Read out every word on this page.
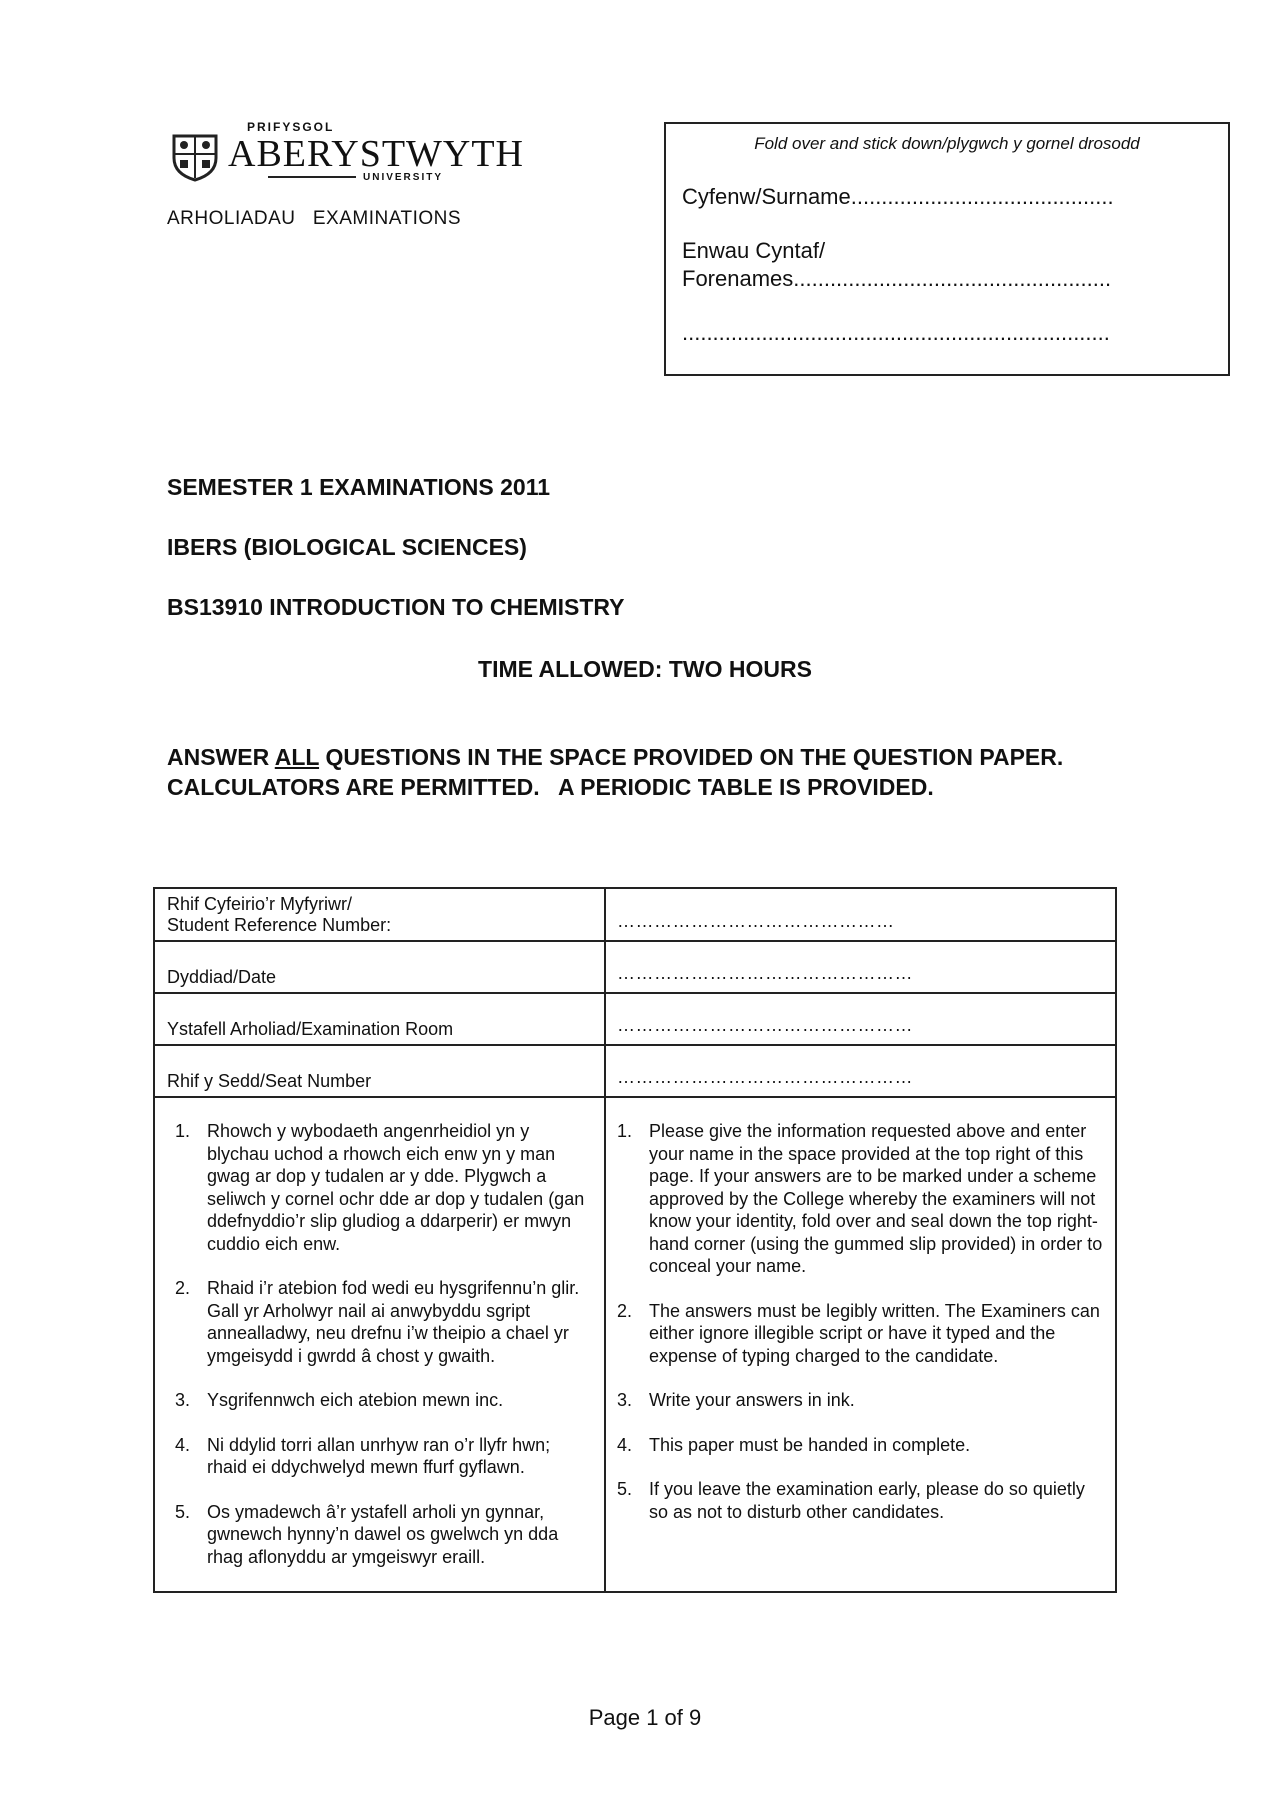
PRIFYSGOL
ABERYSTWYTH
UNIVERSITY
ARHOLIADAU   EXAMINATIONS
Fold over and stick down/plygwch y gornel drosodd
Cyfenw/Surname...........................................
Enwau Cyntaf/
Forenames....................................................
......................................................................
SEMESTER 1 EXAMINATIONS 2011
IBERS (BIOLOGICAL SCIENCES)
BS13910 INTRODUCTION TO CHEMISTRY
TIME ALLOWED: TWO HOURS
ANSWER ALL QUESTIONS IN THE SPACE PROVIDED ON THE QUESTION PAPER.  CALCULATORS ARE PERMITTED.   A PERIODIC TABLE IS PROVIDED.
Rhif Cyfeirio’r Myfyriwr/
Student Reference Number:	………………………………………
Dyddiad/Date	…………………………………………
Ystafell Arholiad/Examination Room	…………………………………………
Rhif y Sedd/Seat Number	…………………………………………
1. Rhowch y wybodaeth angenrheidiol yn y blychau uchod a rhowch eich enw yn y man gwag ar dop y tudalen ar y dde. Plygwch a seliwch y cornel ochr dde ar dop y tudalen (gan ddefnyddio’r slip gludiog a ddarperir) er mwyn cuddio eich enw.
2. Rhaid i’r atebion fod wedi eu hysgrifennu’n glir. Gall yr Arholwyr nail ai anwybyddu sgript annealladwy, neu drefnu i’w theipio a chael yr ymgeisydd i gwrdd â chost y gwaith.
3. Ysgrifennwch eich atebion mewn inc.
4. Ni ddylid torri allan unrhyw ran o’r llyfr hwn; rhaid ei ddychwelyd mewn ffurf gyflawn.
5. Os ymadewch â’r ystafell arholi yn gynnar, gwnewch hynny’n dawel os gwelwch yn dda rhag aflonyddu ar ymgeiswyr eraill.
1. Please give the information requested above and enter your name in the space provided at the top right of this page. If your answers are to be marked under a scheme approved by the College whereby the examiners will not know your identity, fold over and seal down the top right-hand corner (using the gummed slip provided) in order to conceal your name.
2. The answers must be legibly written. The Examiners can either ignore illegible script or have it typed and the expense of typing charged to the candidate.
3. Write your answers in ink.
4. This paper must be handed in complete.
5. If you leave the examination early, please do so quietly so as not to disturb other candidates.
Page 1 of 9
